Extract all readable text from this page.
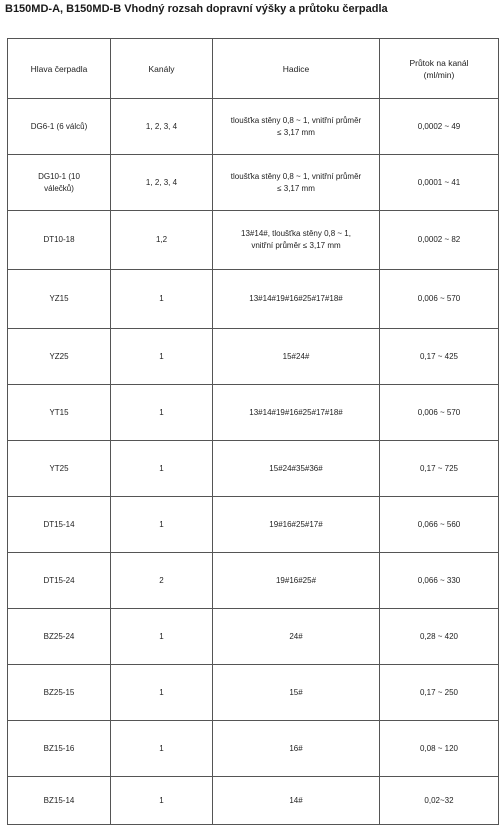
B150MD-A, B150MD-B Vhodný rozsah dopravní výšky a průtoku čerpadla
Hlava čerpadla	Kanály	Hadice	Průtok na kanál (ml/min)
DG6-1 (6 válců)	1, 2, 3, 4	tloušťka stěny 0,8 ~ 1, vnitřní průměr ≤ 3,17 mm	0,0002 ~ 49
DG10-1 (10 válečků)	1, 2, 3, 4	tloušťka stěny 0,8 ~ 1, vnitřní průměr ≤ 3,17 mm	0,0001 ~ 41
DT10-18	1,2	13#14#, tloušťka stěny 0,8 ~ 1, vnitřní průměr ≤ 3,17 mm	0,0002 ~ 82
YZ15	1	13#14#19#16#25#17#18#	0,006 ~ 570
YZ25	1	15#24#	0,17 ~ 425
YT15	1	13#14#19#16#25#17#18#	0,006 ~ 570
YT25	1	15#24#35#36#	0,17 ~ 725
DT15-14	1	19#16#25#17#	0,066 ~ 560
DT15-24	2	19#16#25#	0,066 ~ 330
BZ25-24	1	24#	0,28 ~ 420
BZ25-15	1	15#	0,17 ~ 250
BZ15-16	1	16#	0,08 ~ 120
BZ15-14	1	14#	0,02~32
